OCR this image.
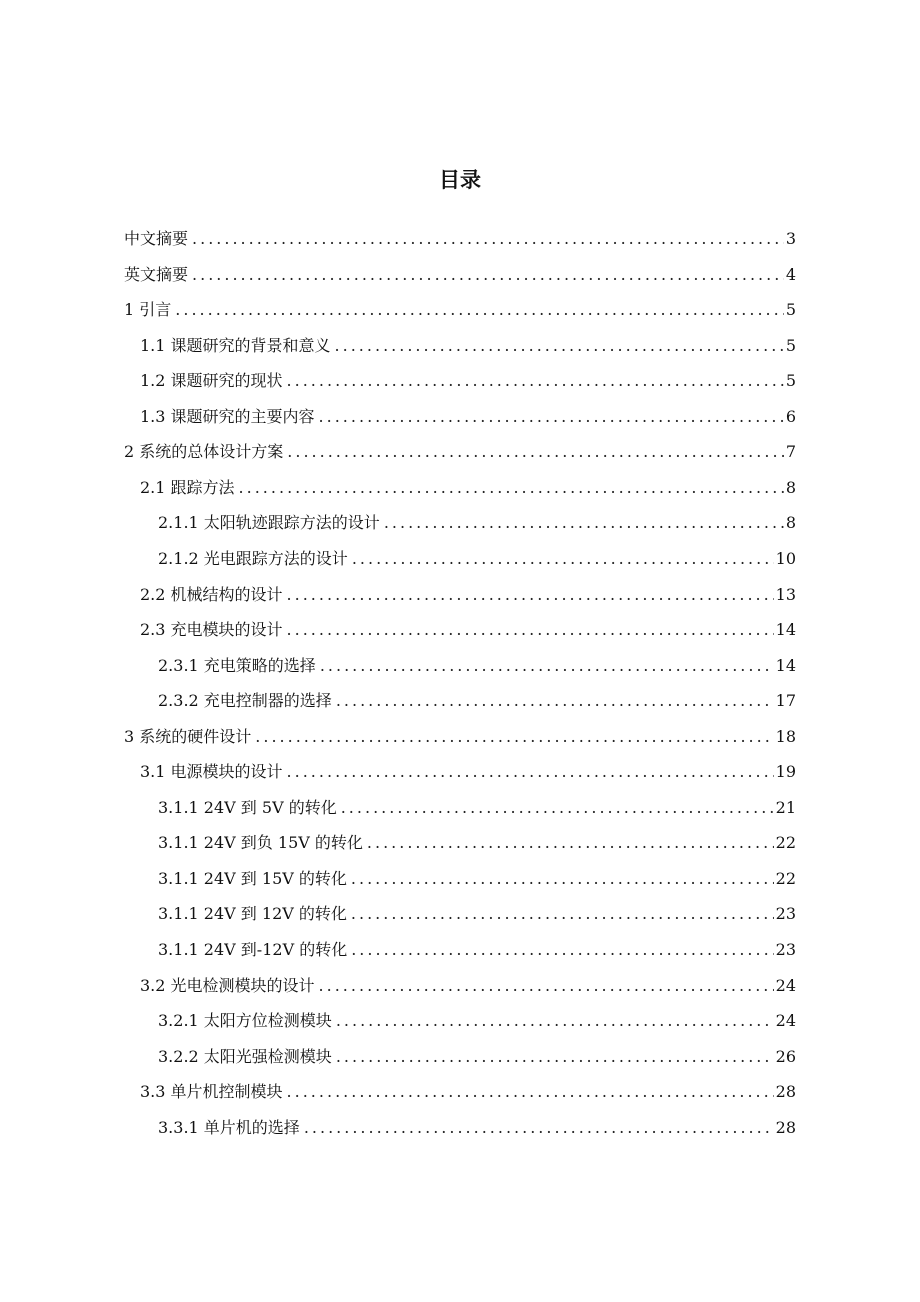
目录
中文摘要 .....	3
英文摘要 .....	4
1 引言 .....	5
1.1 课题研究的背景和意义 .....	5
1.2 课题研究的现状 .....	5
1.3 课题研究的主要内容 .....	6
2 系统的总体设计方案 .....	7
2.1 跟踪方法 .....	8
2.1.1 太阳轨迹跟踪方法的设计 .....	8
2.1.2 光电跟踪方法的设计 .....	10
2.2 机械结构的设计 .....	13
2.3 充电模块的设计 .....	14
2.3.1 充电策略的选择 .....	14
2.3.2 充电控制器的选择 .....	17
3 系统的硬件设计 .....	18
3.1 电源模块的设计 .....	19
3.1.1 24V 到 5V 的转化 .....	21
3.1.1 24V 到负 15V 的转化 .....	22
3.1.1 24V 到 15V 的转化 .....	22
3.1.1 24V 到 12V 的转化 .....	23
3.1.1 24V 到-12V 的转化 .....	23
3.2 光电检测模块的设计 .....	24
3.2.1 太阳方位检测模块 .....	24
3.2.2 太阳光强检测模块 .....	26
3.3 单片机控制模块 .....	28
3.3.1 单片机的选择 .....	28
